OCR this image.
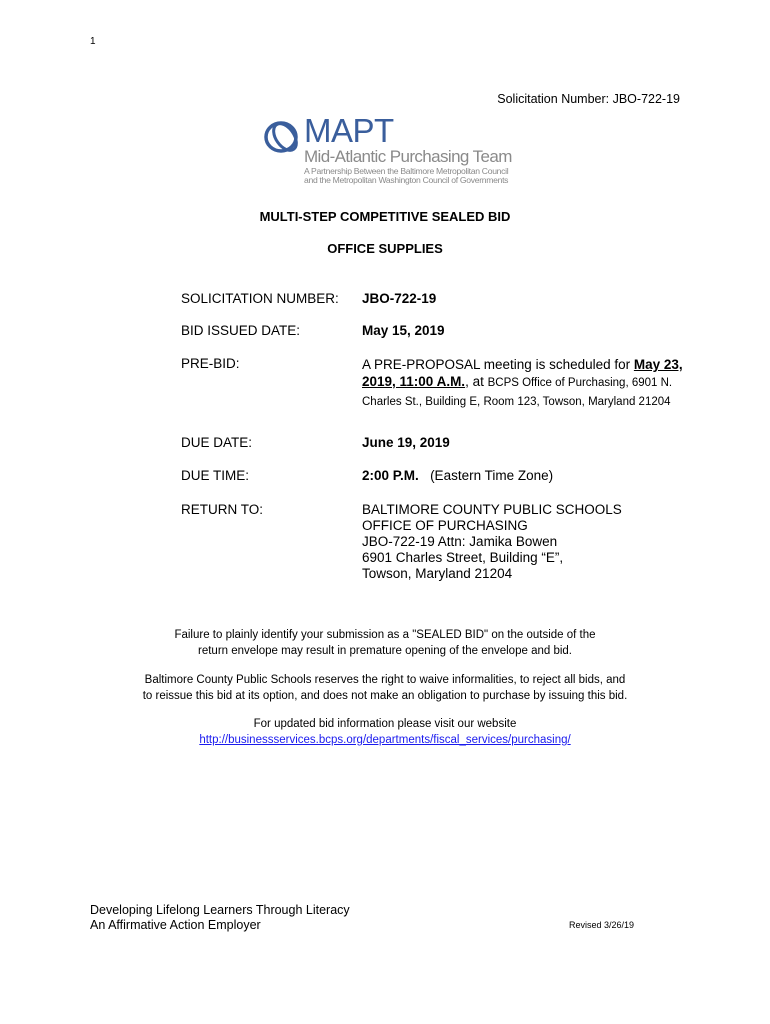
1
Solicitation Number: JBO-722-19
MAPT
Mid-Atlantic Purchasing Team
A Partnership Between the Baltimore Metropolitan Council
and the Metropolitan Washington Council of Governments
MULTI-STEP COMPETITIVE SEALED BID
OFFICE SUPPLIES
SOLICITATION NUMBER: JBO-722-19
BID ISSUED DATE:	May 15, 2019
PRE-BID:	A PRE-PROPOSAL meeting is scheduled for May 23, 2019, 11:00 A.M., at BCPS Office of Purchasing, 6901 N. Charles St., Building E, Room 123, Towson, Maryland 21204
DUE DATE:	June 19, 2019
DUE TIME:	2:00 P.M. (Eastern Time Zone)
RETURN TO:	BALTIMORE COUNTY PUBLIC SCHOOLS
OFFICE OF PURCHASING
JBO-722-19 Attn: Jamika Bowen
6901 Charles Street, Building “E”,
Towson, Maryland 21204
Failure to plainly identify your submission as a "SEALED BID" on the outside of the
return envelope may result in premature opening of the envelope and bid.
Baltimore County Public Schools reserves the right to waive informalities, to reject all bids, and
to reissue this bid at its option, and does not make an obligation to purchase by issuing this bid.
For updated bid information please visit our website
http://businessservices.bcps.org/departments/fiscal_services/purchasing/
Developing Lifelong Learners Through Literacy
An Affirmative Action Employer	Revised 3/26/19
